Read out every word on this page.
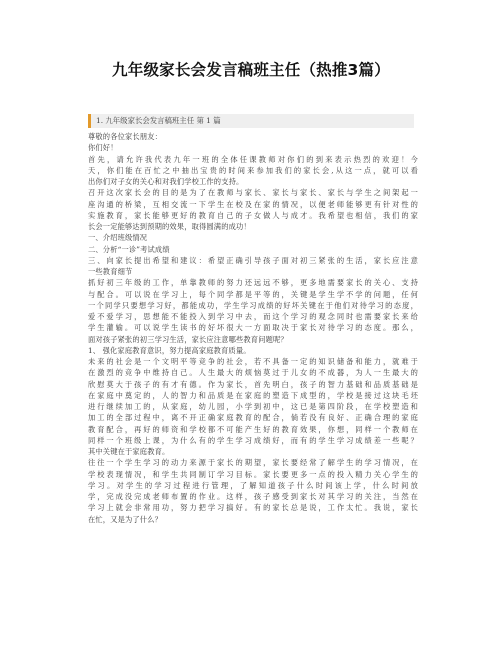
九年级家长会发言稿班主任（热推3篇）
1. 九年级家长会发言稿班主任 第 1 篇
尊敬的各位家长朋友：
你们好！
首先，请允许我代表九年一班的全体任课教师对你们的到来表示热烈的欢迎！今
天，你们能在百忙之中抽出宝贵的时间来参加我们的家长会,从这一点，就可以看
出你们对子女的关心和对我们学校工作的支持。
召开这次家长会的目的是为了在教师与家长、家长与家长、家长与学生之间架起一
座沟通的桥梁，互相交流一下学生在校及在家的情况，以便老师能够更有针对性的
实施教育，家长能够更好的教育自己的子女做人与成才。我希望也相信，我们的家
长会一定能够达到预期的效果，取得圆满的成功！
一、介绍班级情况
二、分析“一诊”考试成绩
三、向家长提出希望和建议：希望正确引导孩子面对初三紧张的生活，家长应注意
一些教育细节
抓好初三年级的工作，单靠教师的努力还远远不够，更多地需要家长的关心、支持
与配合。可以说在学习上，每个同学都是平等的，关键是学生学不学的问题，任何
一个同学只要想学习好，都能成功，学生学习成绩的好坏关键在于他们对待学习的态度，
爱不爱学习，思想能不能投入到学习中去，而这个学习的观念同时也需要家长来给
学生灌输。可以说学生读书的好坏很大一方面取决于家长对待学习的态度。那么，
面对孩子紧张的初三学习生活，家长应注意哪些教育问题呢？
1、 强化家庭教育意识，努力提高家庭教育质量。
未来的社会是一个文明平等竞争的社会，若不具备一定的知识储备和能力，就难于
在激烈的竞争中维持自己。人生最大的烦恼莫过于儿女的不成器，为人一生最大的
欣慰莫大于孩子的有才有德。作为家长，首先明白，孩子的智力基础和品质基础是
在家庭中奠定的，人的智力和品质是在家庭的塑造下成型的，学校是接过这块毛坯
进行继续加工的，从家庭，幼儿园，小学到初中，这已是第四阶段，在学校塑造和
加工的全部过程中，离不开正确家庭教育的配合，倘若没有良好、正确合理的家庭
教育配合，再好的师资和学校都不可能产生好的教育效果，你想，同样一个教师在
同样一个班级上课，为什么有的学生学习成绩好，而有的学生学习成绩差一些呢？
其中关键在于家庭教育。
往往一个学生学习的动力来源于家长的期望，家长要经常了解学生的学习情况，在
学校表现情况，和学生共同制订学习目标。家长要更多一点的投入精力关心学生的
学习。对学生的学习过程进行管理，了解知道孩子什么时间该上学，什么时间放
学，完成没完成老师布置的作业。这样，孩子感受到家长对其学习的关注，当然在
学习上就会非常用功，努力把学习搞好。有的家长总是说，工作太忙。我说，家长
在忙，又是为了什么？
